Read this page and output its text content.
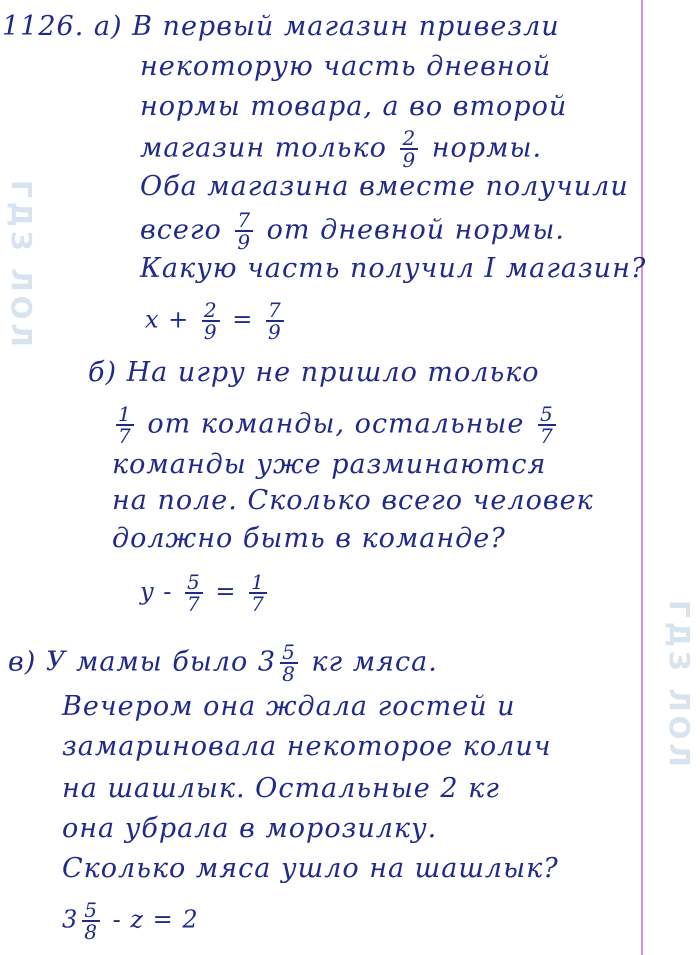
ГДЗ ЛОЛ
ГДЗ ЛОЛ
1126. а) В первый магазин привезли
некоторую часть дневной
нормы товара, а во второй
магазин только $\frac{2}{9}$ нормы.
Оба магазина вместе получили
всего $\frac{7}{9}$ от дневной нормы.
Какую часть получил I магазин?
$x + \frac{2}{9} = \frac{7}{9}$
б) На игру не пришло только
$\frac{1}{7}$ от команды, остальные $\frac{5}{7}$
команды уже разминаются
на поле. Сколько всего человек
должно быть в команде?
$y - \frac{5}{7} = \frac{1}{7}$
в) У мамы было $3 \frac{5}{8}$ кг мяса.
Вечером она ждала гостей и
замариновала некоторое колич
на шашлык. Остальные 2 кг
она убрала в морозилку.
Сколько мяса ушло на шашлык?
$3 \frac{5}{8} - z = 2$
